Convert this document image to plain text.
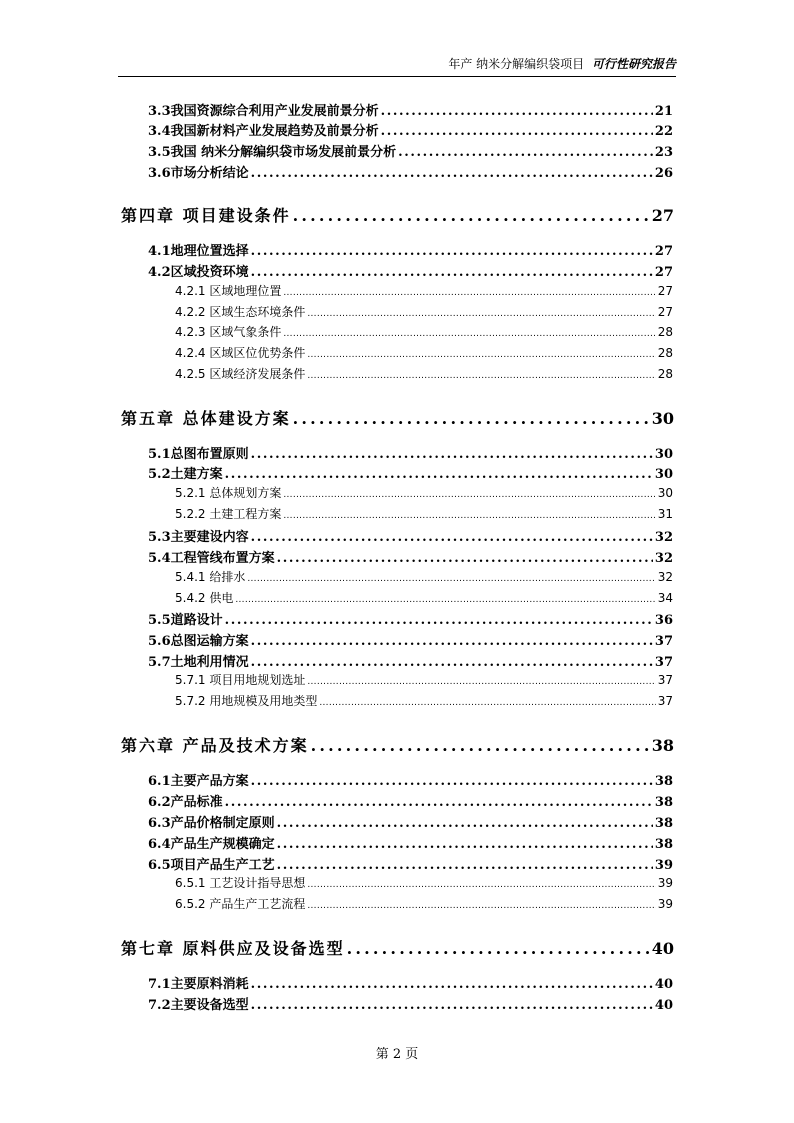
年产 纳米分解编织袋项目 可行性研究报告
3.3我国资源综合利用产业发展前景分析 .....	21
3.4我国新材料产业发展趋势及前景分析 .....	22
3.5我国 纳米分解编织袋市场发展前景分析 .....	23
3.6市场分析结论 .....	26
第四章 项目建设条件 .....	27
4.1地理位置选择 .....	27
4.2区域投资环境 .....	27
4.2.1 区域地理位置 .....	27
4.2.2 区域生态环境条件 .....	27
4.2.3 区域气象条件 .....	28
4.2.4 区域区位优势条件 .....	28
4.2.5 区域经济发展条件 .....	28
第五章 总体建设方案 .....	30
5.1总图布置原则 .....	30
5.2土建方案 .....	30
5.2.1 总体规划方案 .....	30
5.2.2 土建工程方案 .....	31
5.3主要建设内容 .....	32
5.4工程管线布置方案 .....	32
5.4.1 给排水 .....	32
5.4.2 供电 .....	34
5.5道路设计 .....	36
5.6总图运输方案 .....	37
5.7土地利用情况 .....	37
5.7.1 项目用地规划选址 .....	37
5.7.2 用地规模及用地类型 .....	37
第六章 产品及技术方案 .....	38
6.1主要产品方案 .....	38
6.2产品标准 .....	38
6.3产品价格制定原则 .....	38
6.4产品生产规模确定 .....	38
6.5项目产品生产工艺 .....	39
6.5.1 工艺设计指导思想 .....	39
6.5.2 产品生产工艺流程 .....	39
第七章 原料供应及设备选型 .....	40
7.1主要原料消耗 .....	40
7.2主要设备选型 .....	40
第 2 页
